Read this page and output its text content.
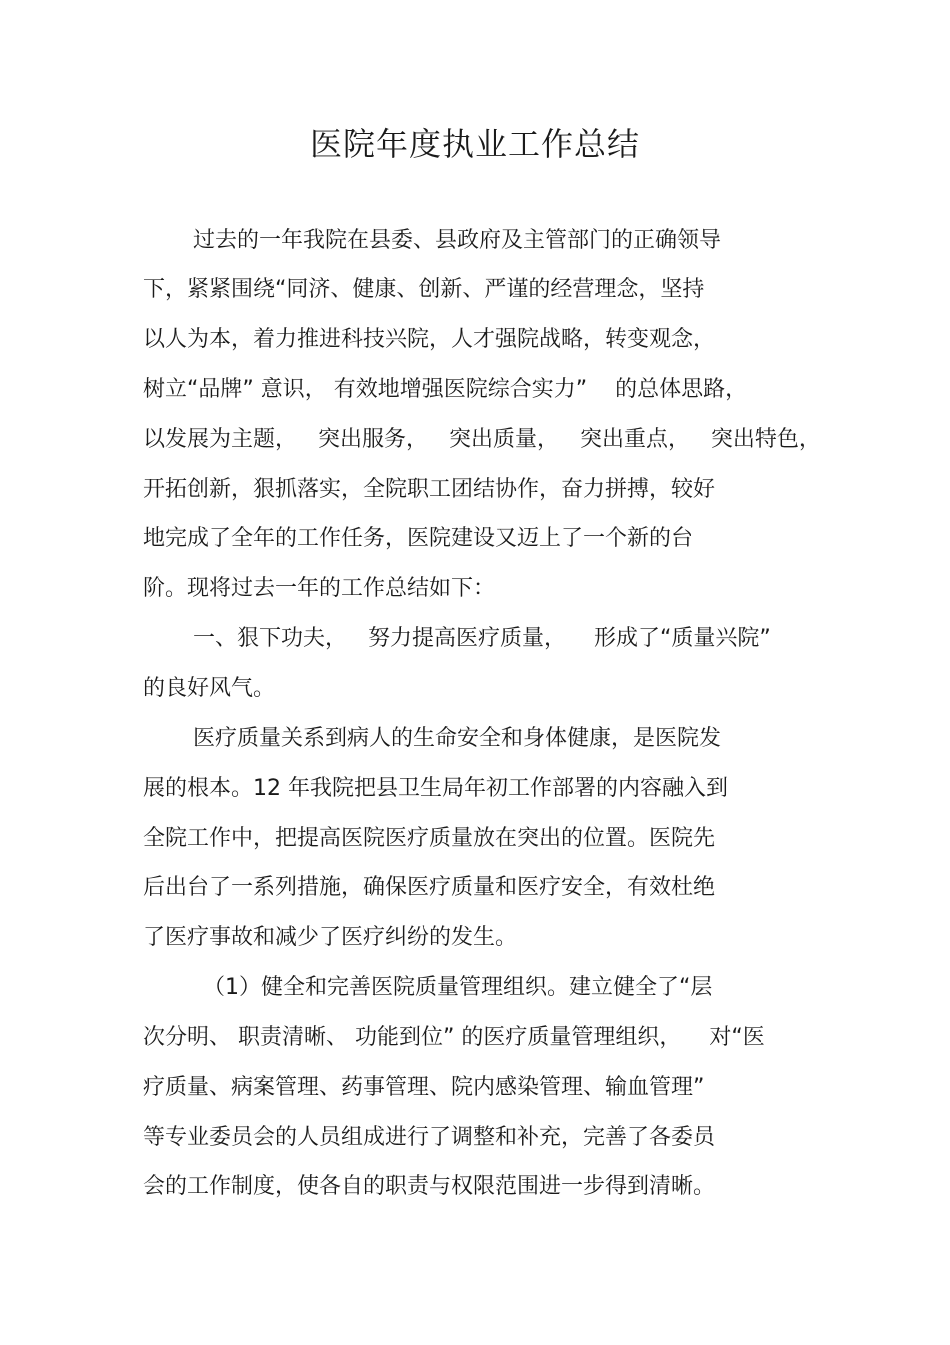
医院年度执业工作总结
过去的一年我院在县委、县政府及主管部门的正确领导
下，紧紧围绕“同济、健康、创新、严谨的经营理念，坚持
以人为本，着力推进科技兴院，人才强院战略，转变观念，
树立“品牌” 意识， 有效地增强医院综合实力”    的总体思路，
以发展为主题，   突出服务，   突出质量，   突出重点，   突出特色，
开拓创新，狠抓落实，全院职工团结协作，奋力拼搏，较好
地完成了全年的工作任务，医院建设又迈上了一个新的台
阶。现将过去一年的工作总结如下：
一、狠下功夫，   努力提高医疗质量，    形成了“质量兴院”
的良好风气。
医疗质量关系到病人的生命安全和身体健康，是医院发
展的根本。12 年我院把县卫生局年初工作部署的内容融入到
全院工作中，把提高医院医疗质量放在突出的位置。医院先
后出台了一系列措施，确保医疗质量和医疗安全，有效杜绝
了医疗事故和减少了医疗纠纷的发生。
（1）健全和完善医院质量管理组织。建立健全了“层
次分明、 职责清晰、 功能到位” 的医疗质量管理组织，    对“医
疗质量、病案管理、药事管理、院内感染管理、输血管理”
等专业委员会的人员组成进行了调整和补充，完善了各委员
会的工作制度，使各自的职责与权限范围进一步得到清晰。
